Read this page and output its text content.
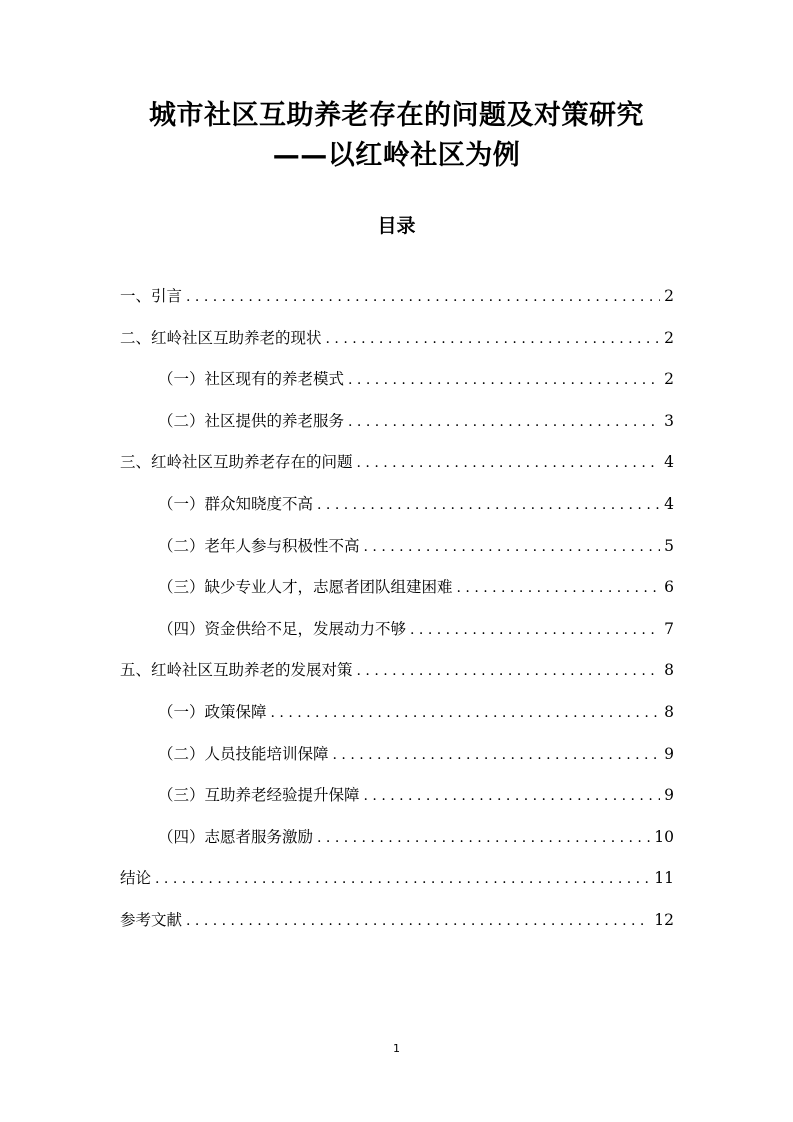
城市社区互助养老存在的问题及对策研究
——以红岭社区为例
目录
一、引言 . . .	2
二、红岭社区互助养老的现状 . . .	2
（一）社区现有的养老模式 . . .	2
（二）社区提供的养老服务 . . .	3
三、红岭社区互助养老存在的问题 . . .	4
（一）群众知晓度不高 . . .	4
（二）老年人参与积极性不高 . . .	5
（三）缺少专业人才，志愿者团队组建困难 . . .	6
（四）资金供给不足，发展动力不够 . . .	7
五、红岭社区互助养老的发展对策 . . .	8
（一）政策保障 . . .	8
（二）人员技能培训保障 . . .	9
（三）互助养老经验提升保障 . . .	9
（四）志愿者服务激励 . . .	10
结论 . . .	11
参考文献 . . .	12
1
